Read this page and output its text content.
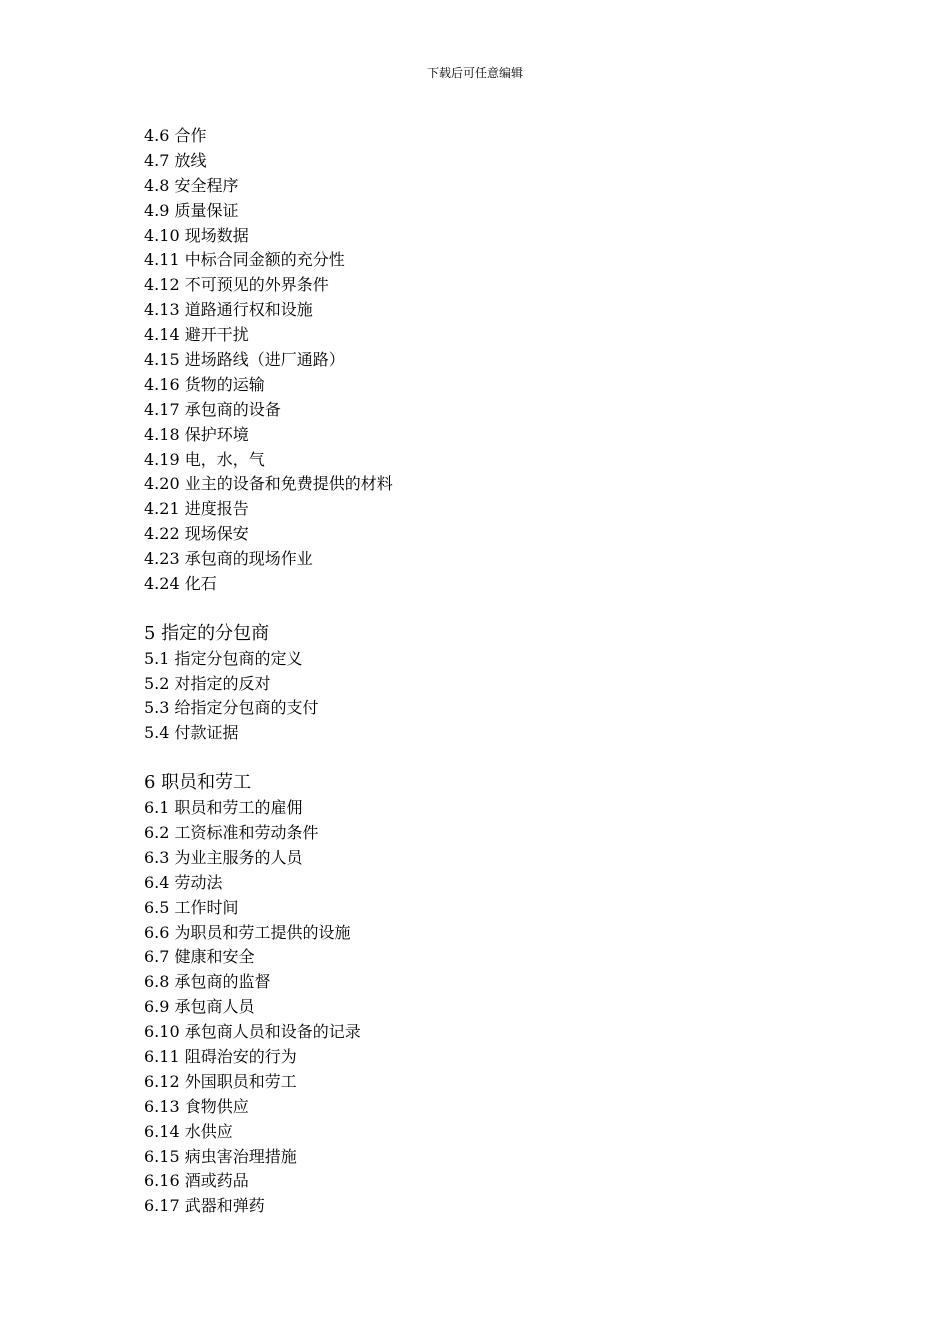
下载后可任意编辑
4.6 合作
4.7 放线
4.8 安全程序
4.9 质量保证
4.10 现场数据
4.11 中标合同金额的充分性
4.12 不可预见的外界条件
4.13 道路通行权和设施
4.14 避开干扰
4.15 进场路线（进厂通路）
4.16 货物的运输
4.17 承包商的设备
4.18 保护环境
4.19 电，水，气
4.20 业主的设备和免费提供的材料
4.21 进度报告
4.22 现场保安
4.23 承包商的现场作业
4.24 化石
5 指定的分包商
5.1 指定分包商的定义
5.2 对指定的反对
5.3 给指定分包商的支付
5.4 付款证据
6 职员和劳工
6.1 职员和劳工的雇佣
6.2 工资标准和劳动条件
6.3 为业主服务的人员
6.4 劳动法
6.5 工作时间
6.6 为职员和劳工提供的设施
6.7 健康和安全
6.8 承包商的监督
6.9 承包商人员
6.10 承包商人员和设备的记录
6.11 阻碍治安的行为
6.12 外国职员和劳工
6.13 食物供应
6.14 水供应
6.15 病虫害治理措施
6.16 酒或药品
6.17 武器和弹药
